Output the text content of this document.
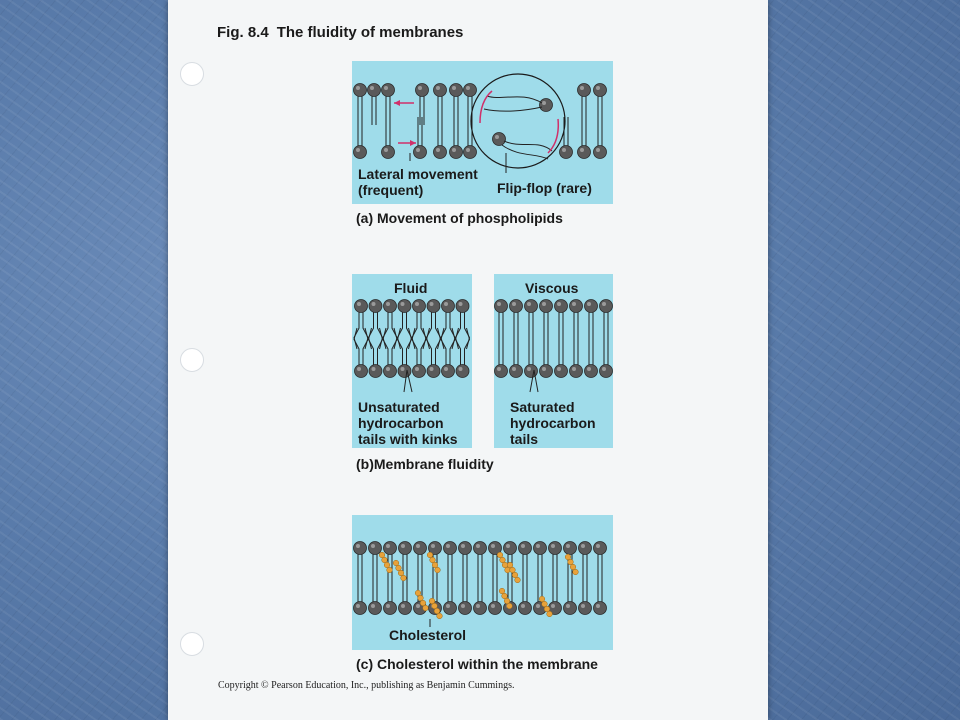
Fig. 8.4 The fluidity of membranes
Lateral movement
(frequent)	Flip-flop (rare)
(a) Movement of phospholipids
Fluid	Viscous
Unsaturated
hydrocarbon
tails with kinks
Saturated
hydrocarbon
tails
(b)Membrane fluidity
Cholesterol
(c) Cholesterol within the membrane
Copyright © Pearson Education, Inc., publishing as Benjamin Cummings.
